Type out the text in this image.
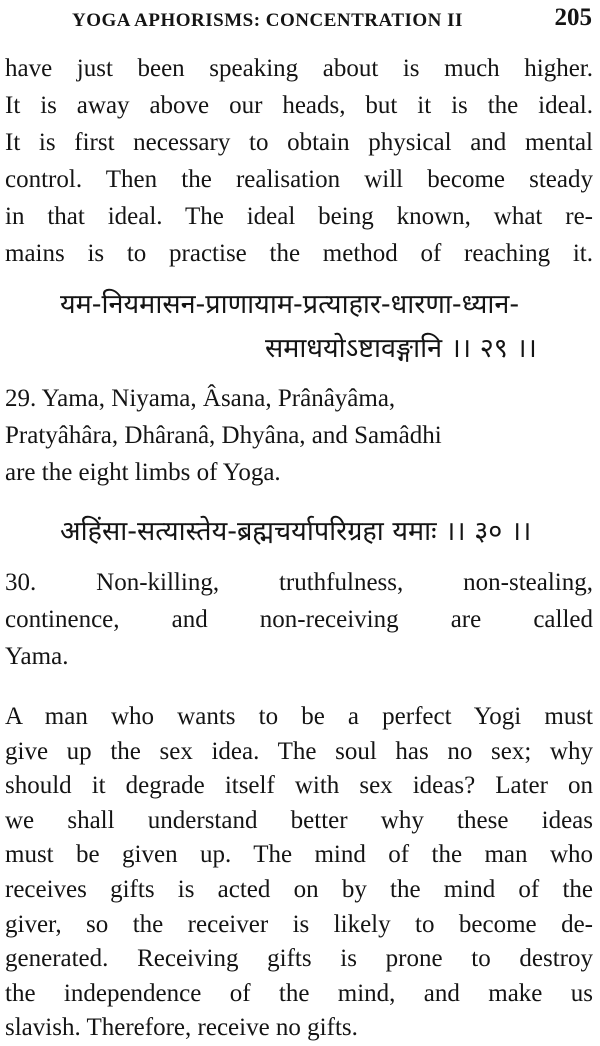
YOGA APHORISMS: CONCENTRATION II	205
have just been speaking about is much higher.
It is away above our heads, but it is the ideal.
It is first necessary to obtain physical and mental
control. Then the realisation will become steady
in that ideal. The ideal being known, what re-
mains is to practise the method of reaching it.
यम-नियमासन-प्राणायाम-प्रत्याहार-धारणा-ध्यान-
समाधयोऽष्टावङ्गानि ।। २९ ।।
29. Yama, Niyama, Âsana, Prânâyâma,
Pratyâhâra, Dhâranâ, Dhyâna, and Samâdhi
are the eight limbs of Yoga.
अहिंसा-सत्यास्तेय-ब्रह्मचर्यापरिग्रहा यमाः ।। ३० ।।
30. Non-killing, truthfulness, non-stealing,
continence, and non-receiving are called
Yama.
A man who wants to be a perfect Yogi must
give up the sex idea. The soul has no sex; why
should it degrade itself with sex ideas? Later on
we shall understand better why these ideas
must be given up. The mind of the man who
receives gifts is acted on by the mind of the
giver, so the receiver is likely to become de-
generated. Receiving gifts is prone to destroy
the independence of the mind, and make us
slavish. Therefore, receive no gifts.
